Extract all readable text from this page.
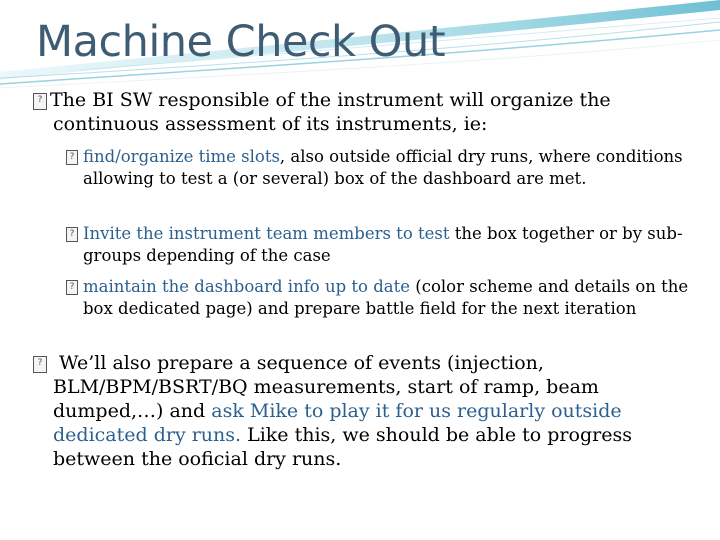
Machine Check Out
? The BI SW responsible of the instrument will organize the continuous assessment of its instruments, ie:
? find/organize time slots, also outside official dry runs, where conditions allowing to test a (or several) box of the dashboard are met.
? Invite the instrument team members to test the box together or by sub-groups depending of the case
? maintain the dashboard info up to date (color scheme and details on the box dedicated page) and prepare battle field for the next iteration
? We’ll also prepare a sequence of events (injection, BLM/BPM/BSRT/BQ measurements, start of ramp, beam dumped,…) and ask Mike to play it for us regularly outside dedicated dry runs. Like this, we should be able to progress between the ooficial dry runs.
